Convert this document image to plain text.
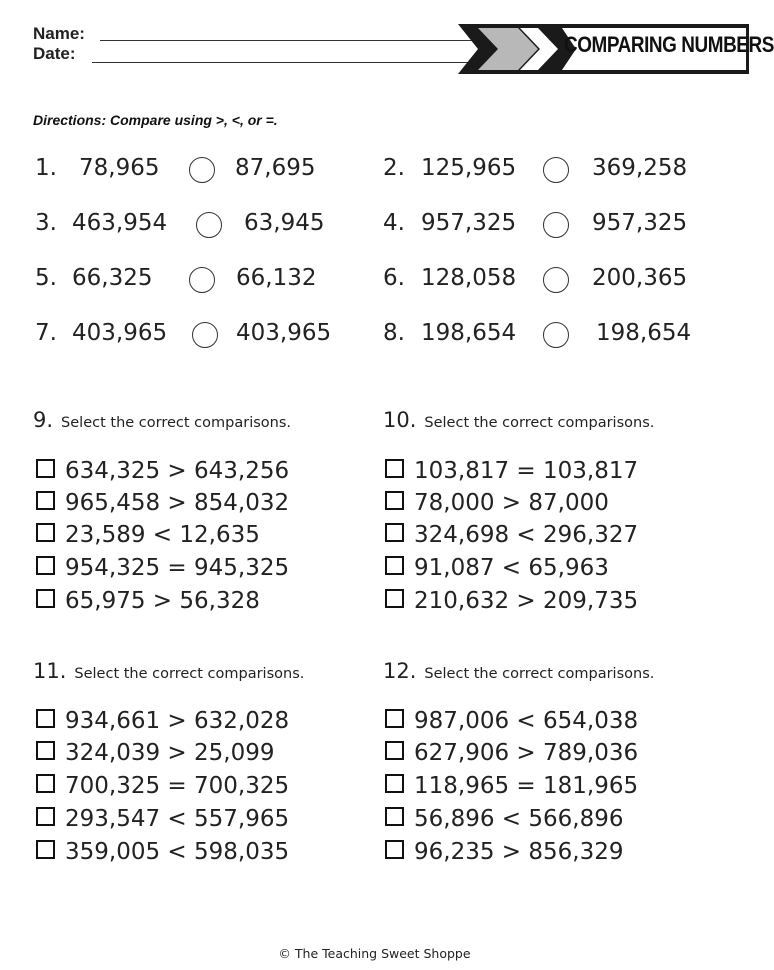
Name:
Date:	COMPARING NUMBERS
Directions: Compare using >, <, or =.
1. 78,965	87,695	2. 125,965	369,258
3. 463,954	63,945	4. 957,325	957,325
5. 66,325	66,132	6. 128,058	200,365
7. 403,965	403,965 8. 198,654	198,654
9. Select the correct comparisons.
634,325 > 643,256
965,458 > 854,032
23,589 < 12,635
954,325 = 945,325
65,975 > 56,328
10. Select the correct comparisons.
103,817 = 103,817
78,000 > 87,000
324,698 < 296,327
91,087 < 65,963
210,632 > 209,735
11. Select the correct comparisons.
934,661 > 632,028
324,039 > 25,099
700,325 = 700,325
293,547 < 557,965
359,005 < 598,035
12. Select the correct comparisons.
987,006 < 654,038
627,906 > 789,036
118,965 = 181,965
56,896 < 566,896
96,235 > 856,329
© The Teaching Sweet Shoppe
